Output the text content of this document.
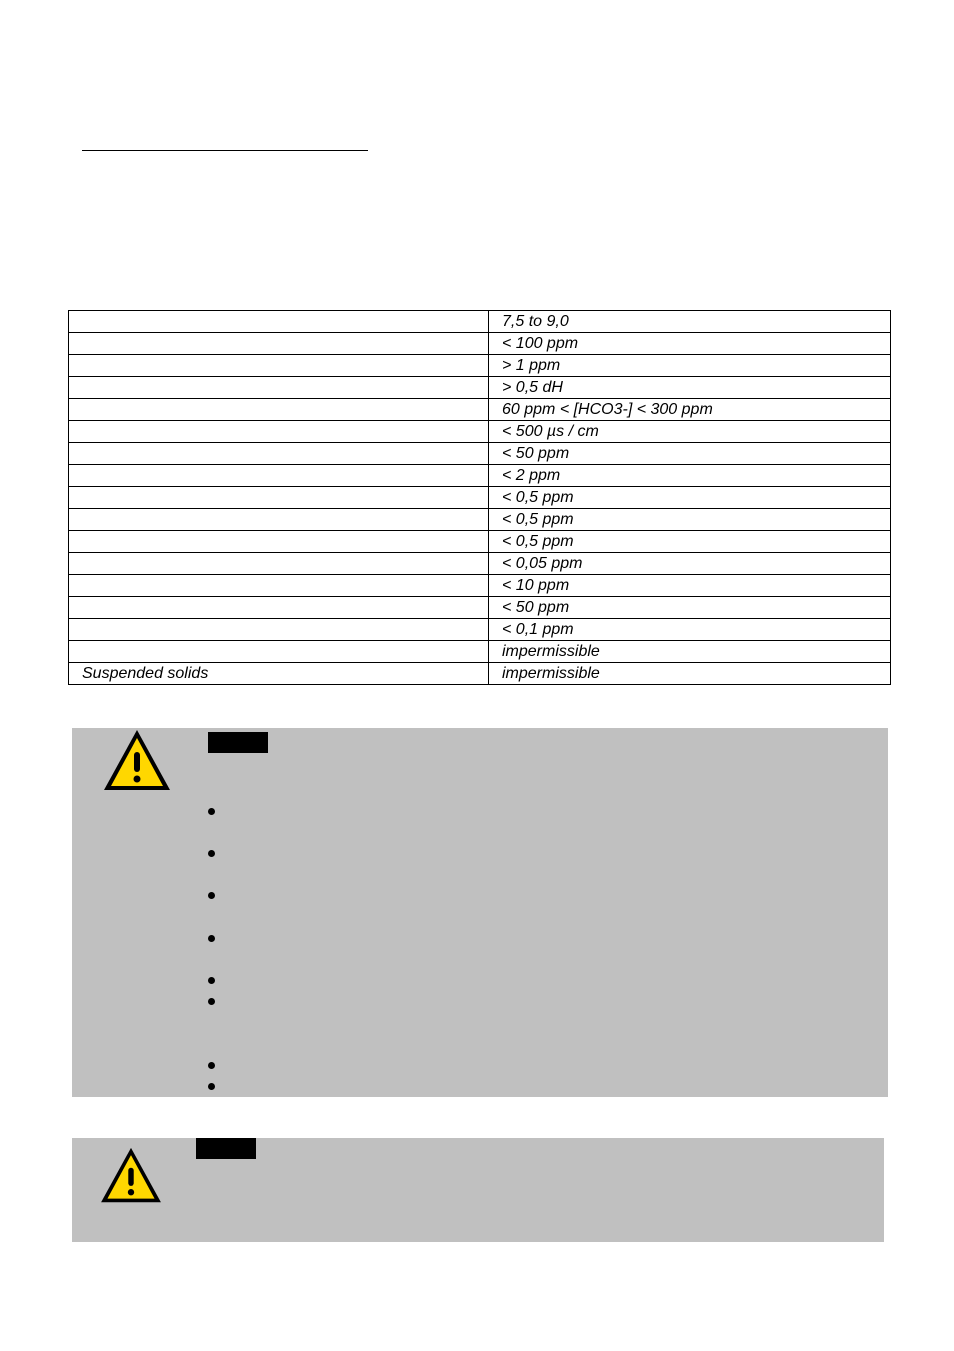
	7,5 to 9,0
	< 100 ppm
	> 1 ppm
	> 0,5 dH
	60 ppm < [HCO3-] < 300 ppm
	< 500 µs / cm
	< 50 ppm
	< 2 ppm
	< 0,5 ppm
	< 0,5 ppm
	< 0,5 ppm
	< 0,05 ppm
	< 10 ppm
	< 50 ppm
	< 0,1 ppm
	impermissible
Suspended solids	impermissible
